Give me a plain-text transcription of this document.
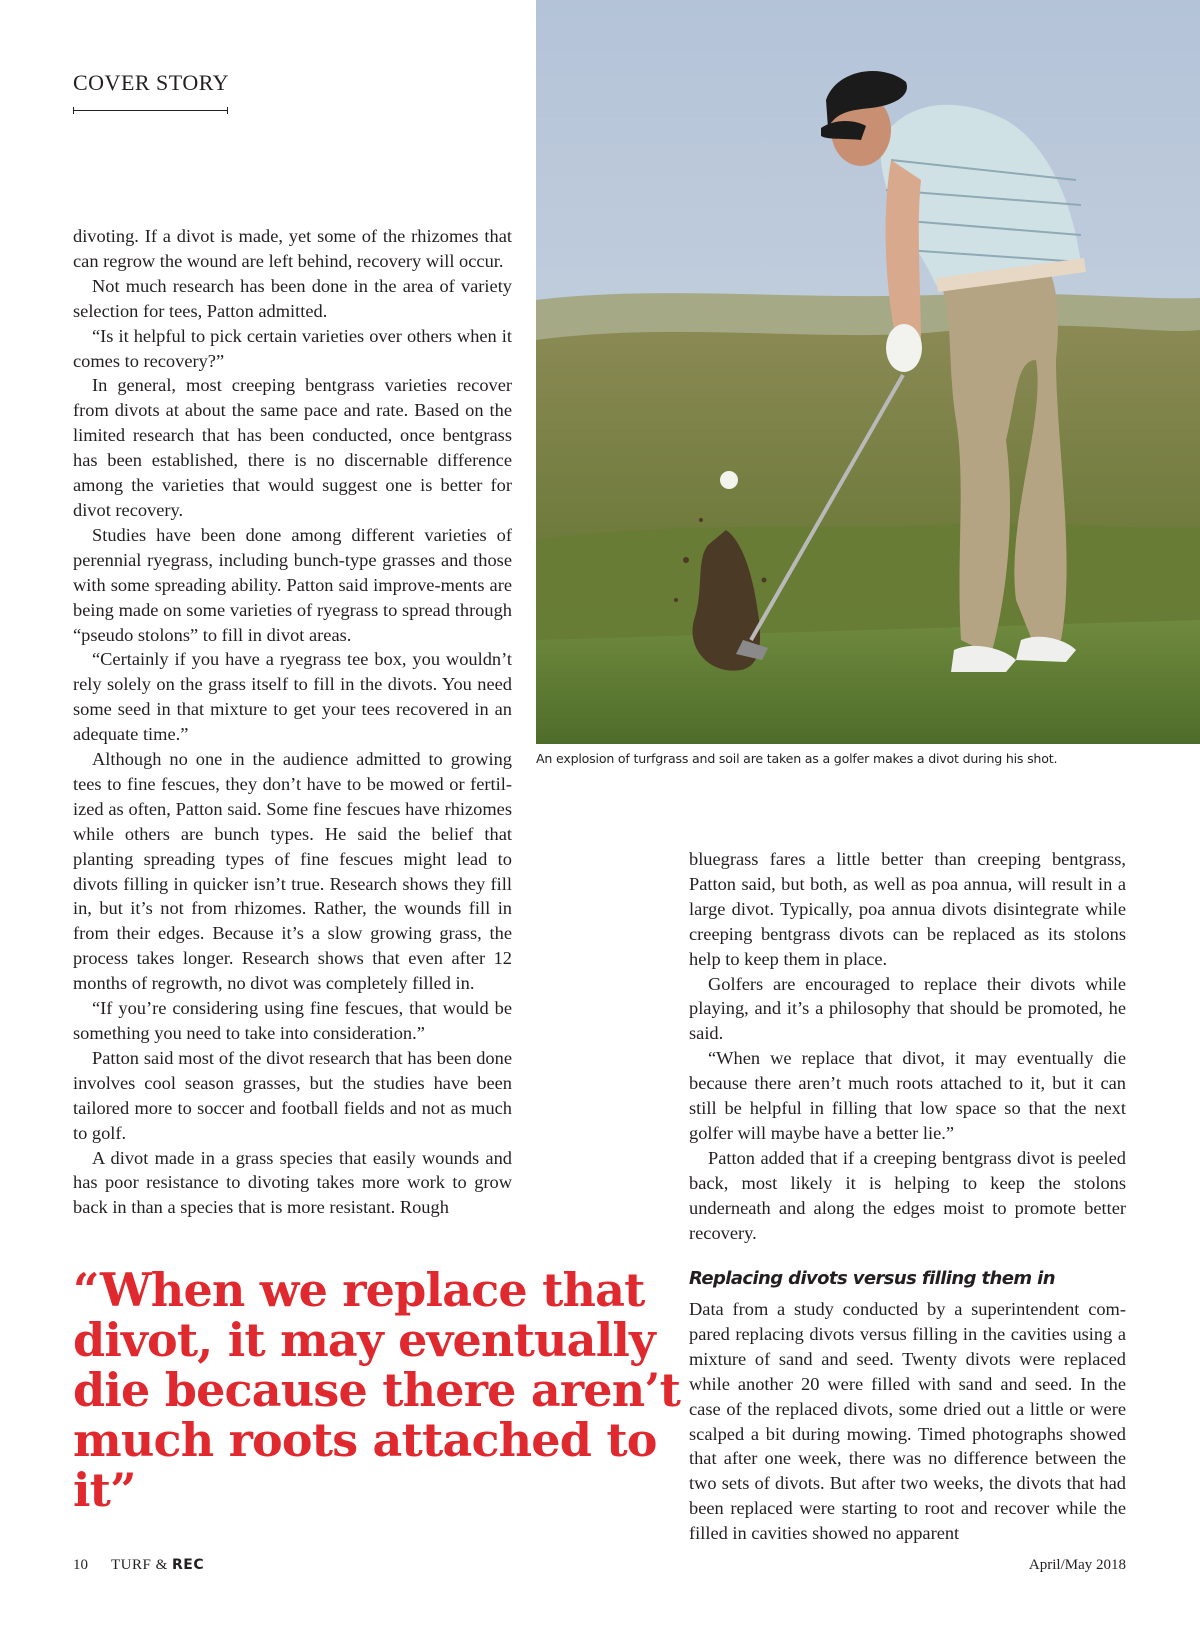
COVER STORY
An explosion of turfgrass and soil are taken as a golfer makes a divot during his shot.

divoting. If a divot is made, yet some of the rhizomes that can regrow the wound are left behind, recovery will occur.

Not much research has been done in the area of variety selection for tees, Patton admitted.

“Is it helpful to pick certain varieties over others when it comes to recovery?”

In general, most creeping bentgrass varieties recover from divots at about the same pace and rate. Based on the limited research that has been conducted, once bentgrass has been established, there is no discernable difference among the varieties that would suggest one is better for divot recovery.

Studies have been done among different varieties of perennial ryegrass, including bunch-type grasses and those with some spreading ability. Patton said improve-ments are being made on some varieties of ryegrass to spread through “pseudo stolons” to fill in divot areas.

“Certainly if you have a ryegrass tee box, you wouldn’t rely solely on the grass itself to fill in the divots. You need some seed in that mixture to get your tees recovered in an adequate time.”

Although no one in the audience admitted to growing tees to fine fescues, they don’t have to be mowed or fertil-ized as often, Patton said. Some fine fescues have rhizomes while others are bunch types. He said the belief that planting spreading types of fine fescues might lead to divots filling in quicker isn’t true. Research shows they fill in, but it’s not from rhizomes. Rather, the wounds fill in from their edges. Because it’s a slow growing grass, the process takes longer. Research shows that even after 12 months of regrowth, no divot was completely filled in.

“If you’re considering using fine fescues, that would be something you need to take into consideration.”

Patton said most of the divot research that has been done involves cool season grasses, but the studies have been tailored more to soccer and football fields and not as much to golf.

A divot made in a grass species that easily wounds and has poor resistance to divoting takes more work to grow back in than a species that is more resistant. Rough

bluegrass fares a little better than creeping bentgrass, Patton said, but both, as well as poa annua, will result in a large divot. Typically, poa annua divots disintegrate while creeping bentgrass divots can be replaced as its stolons help to keep them in place.

Golfers are encouraged to replace their divots while playing, and it’s a philosophy that should be promoted, he said.

“When we replace that divot, it may eventually die because there aren’t much roots attached to it, but it can still be helpful in filling that low space so that the next golfer will maybe have a better lie.”

Patton added that if a creeping bentgrass divot is peeled back, most likely it is helping to keep the stolons underneath and along the edges moist to promote better recovery.

Replacing divots versus filling them in

Data from a study conducted by a superintendent com-pared replacing divots versus filling in the cavities using a mixture of sand and seed. Twenty divots were replaced while another 20 were filled with sand and seed. In the case of the replaced divots, some dried out a little or were scalped a bit during mowing. Timed photographs showed that after one week, there was no difference between the two sets of divots. But after two weeks, the divots that had been replaced were starting to root and recover while the filled in cavities showed no apparent

“When we replace that divot, it may eventually die because there aren’t much roots attached to it”
10 TURF & REC	April/May 2018
